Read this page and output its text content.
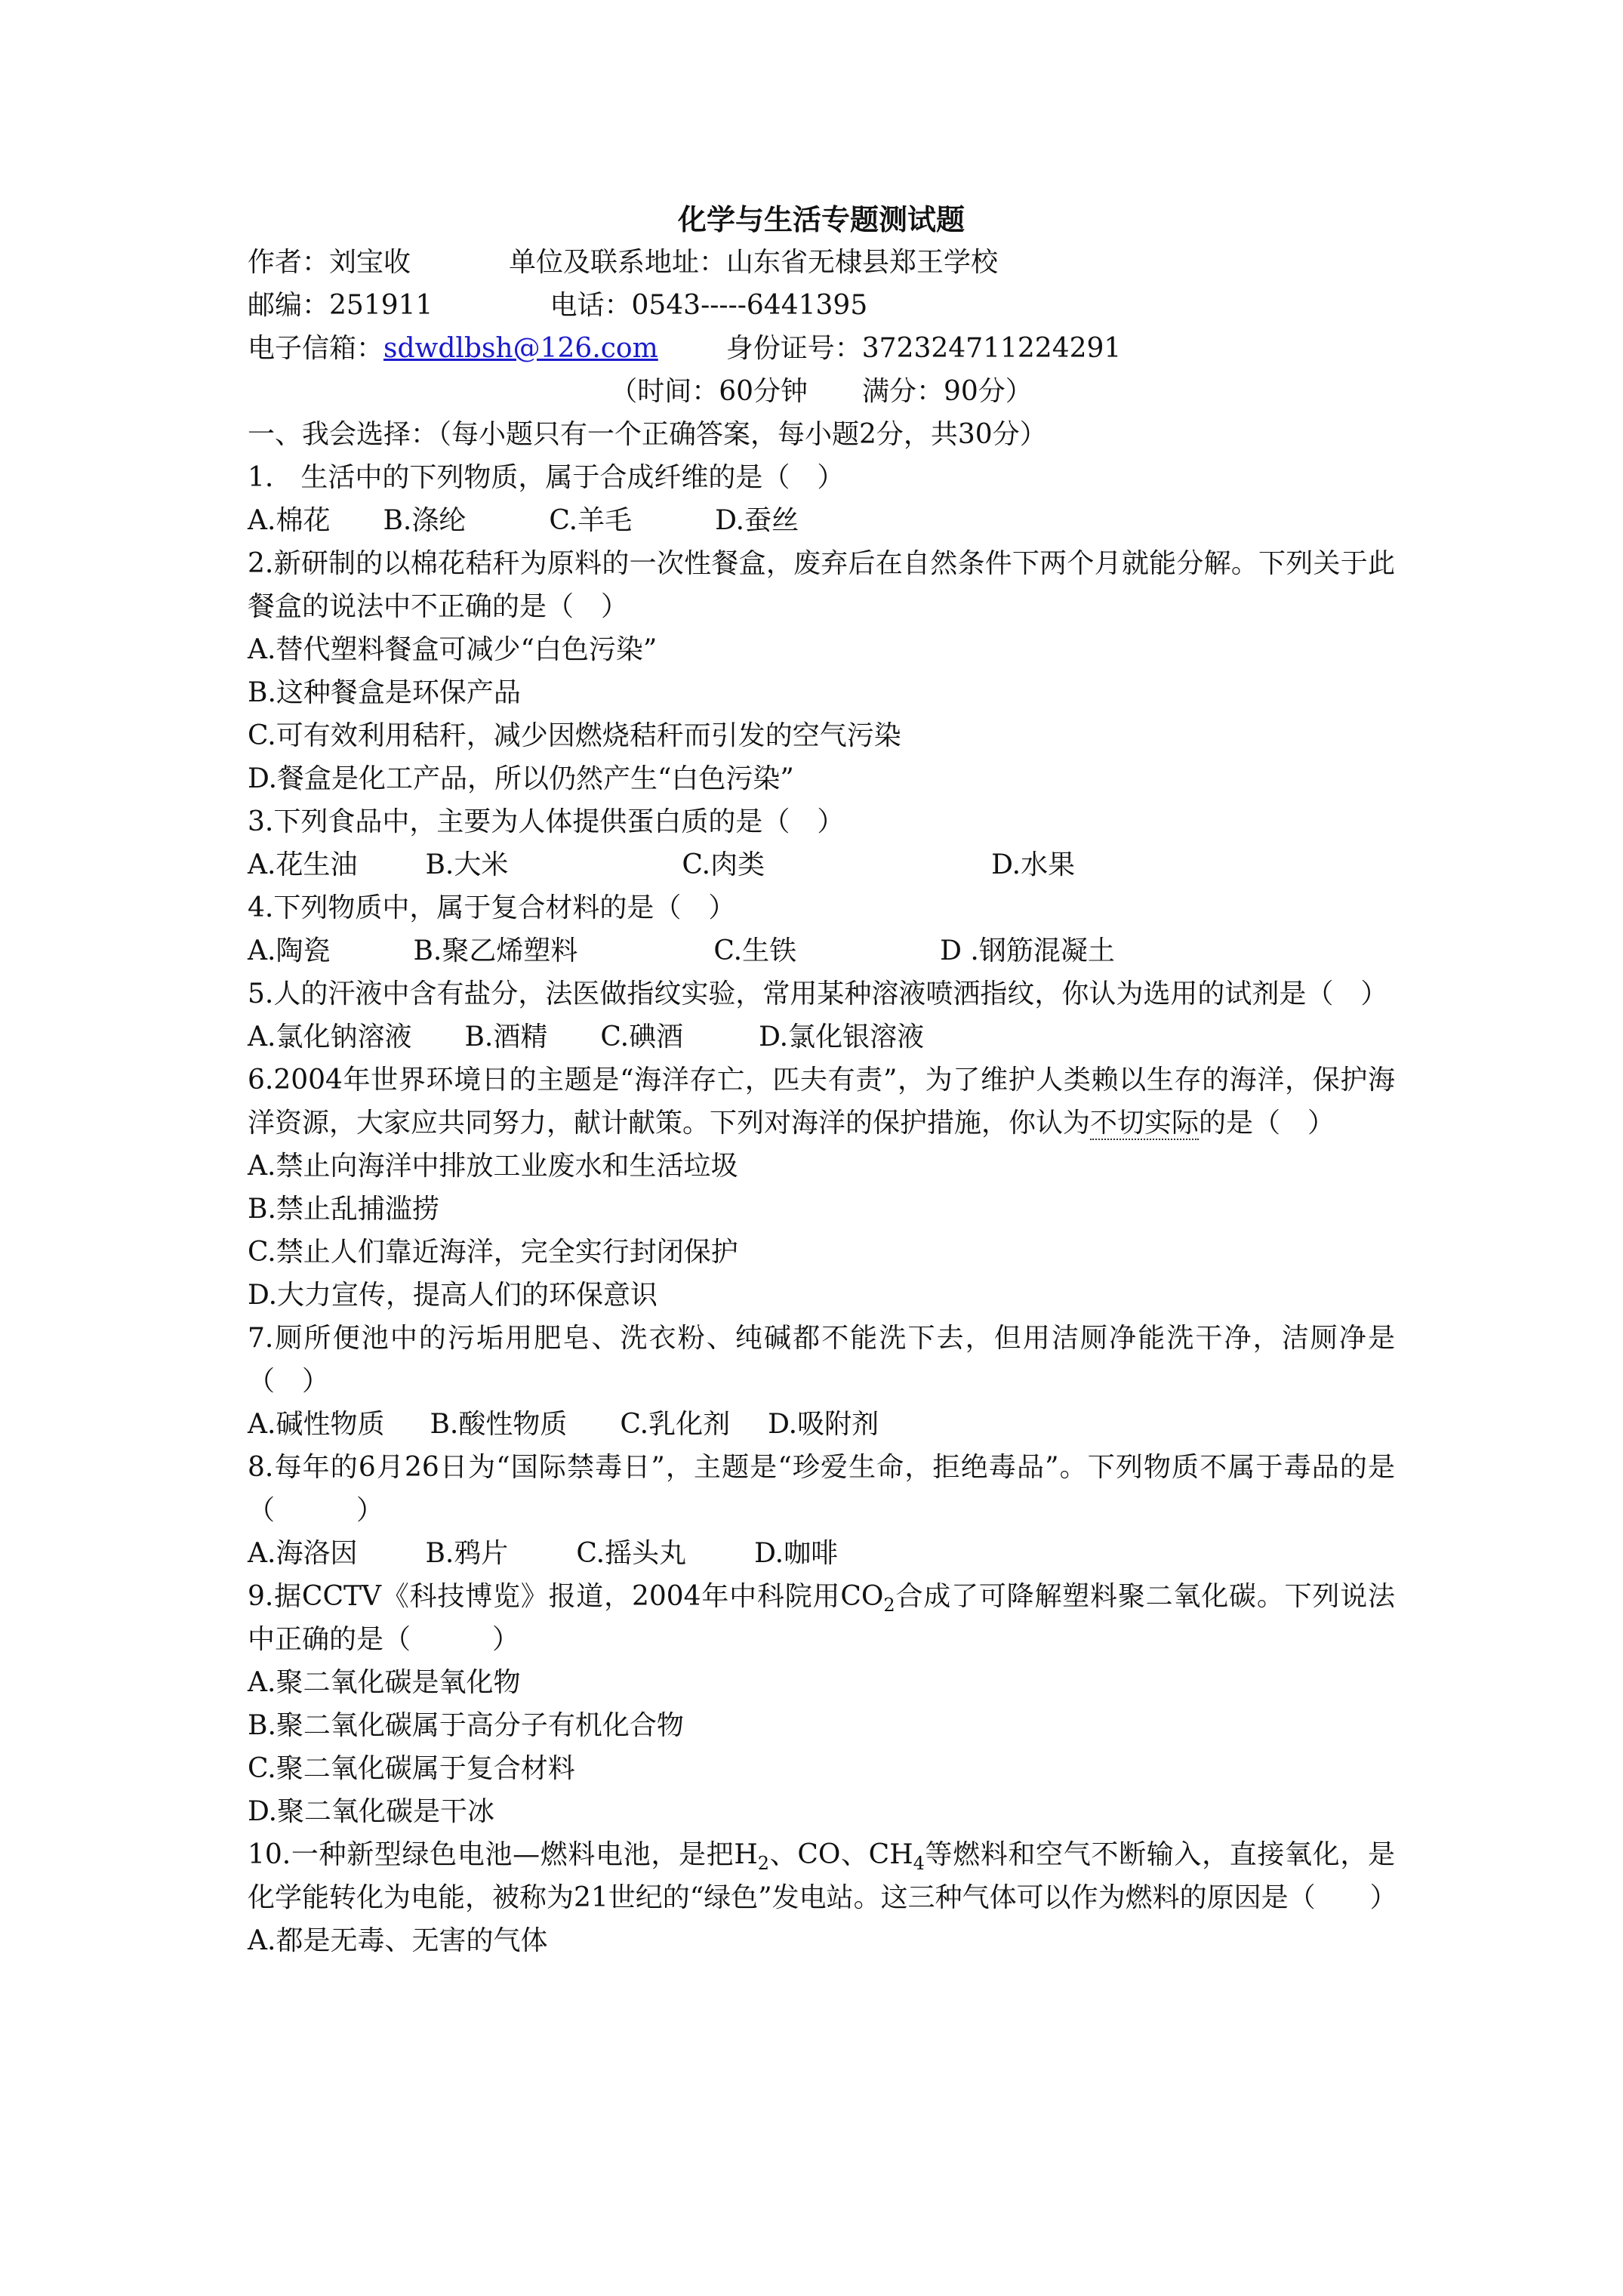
化学与生活专题测试题

作者：刘宝收	单位及联系地址：山东省无棣县郑王学校

邮编：251911	电话：0543-----6441395

电子信箱：sdwdlbsh@126.com	身份证号：372324711224291

（时间：60分钟　　满分：90分）

一、我会选择：（每小题只有一个正确答案，每小题2分，共30分）

1.　生活中的下列物质，属于合成纤维的是（　）

A.棉花 B.涤纶	C.羊毛	D.蚕丝

2.新研制的以棉花秸秆为原料的一次性餐盒，废弃后在自然条件下两个月就能分解。下列关于此餐盒的说法中不正确的是（　）

A.替代塑料餐盒可减少“白色污染”

B.这种餐盒是环保产品

C.可有效利用秸秆，减少因燃烧秸秆而引发的空气污染

D.餐盒是化工产品，所以仍然产生“白色污染”

3.下列食品中，主要为人体提供蛋白质的是（　）

A.花生油	B.大米	C.肉类	D.水果

4.下列物质中，属于复合材料的是（　）

A.陶瓷	B.聚乙烯塑料	C.生铁	D .钢筋混凝土

5.人的汗液中含有盐分，法医做指纹实验，常用某种溶液喷洒指纹，你认为选用的试剂是（　）

A.氯化钠溶液 B.酒精 C.碘酒	D.氯化银溶液

6.2004年世界环境日的主题是“海洋存亡，匹夫有责”，为了维护人类赖以生存的海洋，保护海洋资源，大家应共同努力，献计献策。下列对海洋的保护措施，你认为不切实际的是（　）

A.禁止向海洋中排放工业废水和生活垃圾

B.禁止乱捕滥捞

C.禁止人们靠近海洋，完全实行封闭保护

D.大力宣传，提高人们的环保意识

7.厕所便池中的污垢用肥皂、洗衣粉、纯碱都不能洗下去，但用洁厕净能洗干净，洁厕净是（　）

A.碱性物质 B.酸性物质 C.乳化剂 D.吸附剂

8.每年的6月26日为“国际禁毒日”，主题是“珍爱生命，拒绝毒品”。下列物质不属于毒品的是（　　　）

A.海洛因	B.鸦片	C.摇头丸	D.咖啡

9.据CCTV《科技博览》报道，2004年中科院用$CO_2$合成了可降解塑料聚二氧化碳。下列说法中正确的是（　　　）

A.聚二氧化碳是氧化物

B.聚二氧化碳属于高分子有机化合物

C.聚二氧化碳属于复合材料

D.聚二氧化碳是干冰

10.一种新型绿色电池—燃料电池，是把$H_2$、CO、$CH_4$等燃料和空气不断输入，直接氧化，是化学能转化为电能，被称为21世纪的“绿色”发电站。这三种气体可以作为燃料的原因是（　　）

A.都是无毒、无害的气体
